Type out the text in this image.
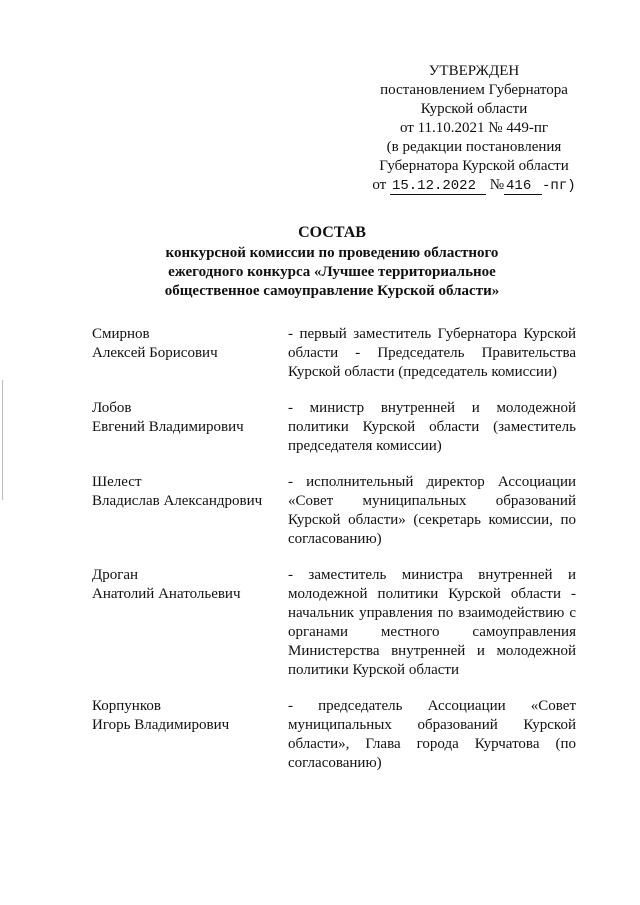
УТВЕРЖДЕН
постановлением Губернатора
Курской области
от 11.10.2021 № 449-пг
(в редакции постановления
Губернатора Курской области
от 15.12.2022 № 416 -пг)
СОСТАВ
конкурсной комиссии по проведению областного
ежегодного конкурса «Лучшее территориальное
общественное самоуправление Курской области»
Смирнов
Алексей Борисович
- первый заместитель Губернатора Курской области - Председатель Правительства Курской области (председатель комиссии)
Лобов
Евгений Владимирович
- министр внутренней и молодежной политики Курской области (заместитель председателя комиссии)
Шелест
Владислав Александрович
- исполнительный директор Ассоциации «Совет муниципальных образований Курской области» (секретарь комиссии, по согласованию)
Дроган
Анатолий Анатольевич
- заместитель министра внутренней и молодежной политики Курской области - начальник управления по взаимодействию с органами местного самоуправления Министерства внутренней и молодежной политики Курской области
Корпунков
Игорь Владимирович
- председатель Ассоциации «Совет муниципальных образований Курской области», Глава города Курчатова (по согласованию)
